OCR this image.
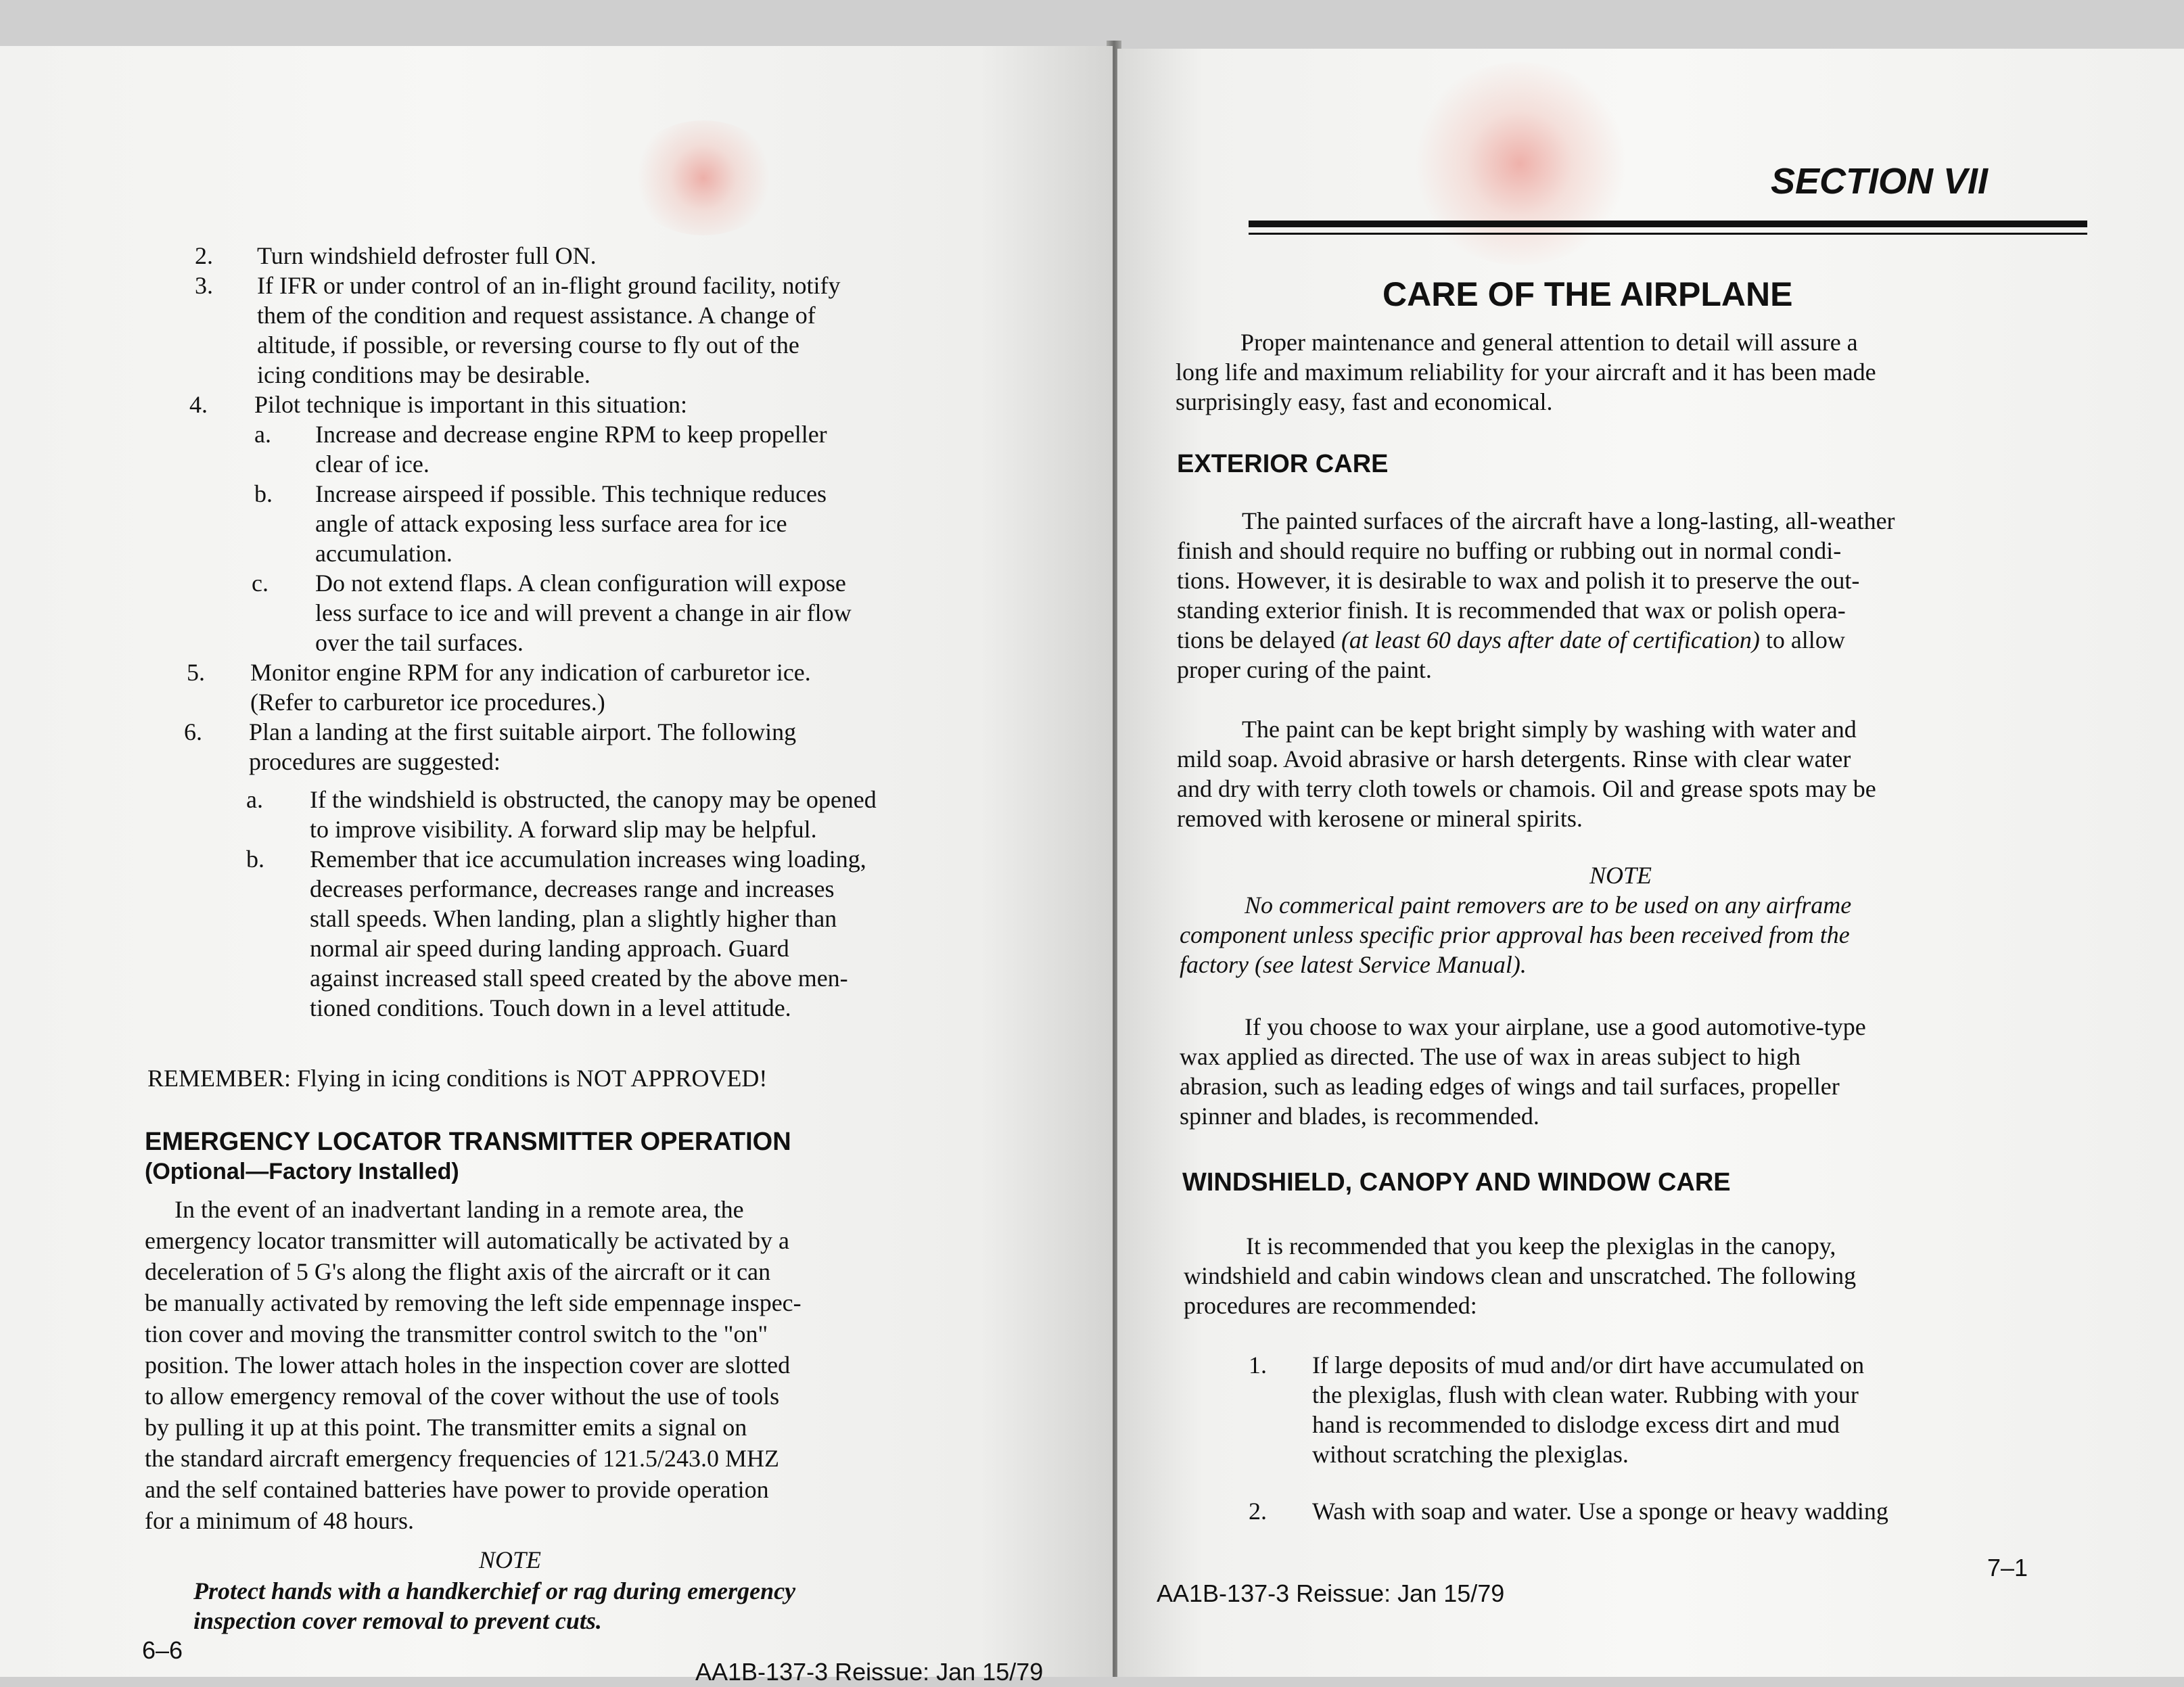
2. Turn windshield defroster full ON.
3. If IFR or under control of an in-flight ground facility, notify
them of the condition and request assistance. A change of
altitude, if possible, or reversing course to fly out of the
icing conditions may be desirable.
4. Pilot technique is important in this situation:
a. Increase and decrease engine RPM to keep propeller
clear of ice.
b. Increase airspeed if possible. This technique reduces
angle of attack exposing less surface area for ice
accumulation.
c. Do not extend flaps. A clean configuration will expose
less surface to ice and will prevent a change in air flow
over the tail surfaces.
5. Monitor engine RPM for any indication of carburetor ice.
(Refer to carburetor ice procedures.)
6. Plan a landing at the first suitable airport. The following
procedures are suggested:
a. If the windshield is obstructed, the canopy may be opened
to improve visibility. A forward slip may be helpful.
b. Remember that ice accumulation increases wing loading,
decreases performance, decreases range and increases
stall speeds. When landing, plan a slightly higher than
normal air speed during landing approach. Guard
against increased stall speed created by the above men-
tioned conditions. Touch down in a level attitude.
REMEMBER: Flying in icing conditions is NOT APPROVED!
EMERGENCY LOCATOR TRANSMITTER OPERATION
(Optional—Factory Installed)
In the event of an inadvertant landing in a remote area, the
emergency locator transmitter will automatically be activated by a
deceleration of 5 G's along the flight axis of the aircraft or it can
be manually activated by removing the left side empennage inspec-
tion cover and moving the transmitter control switch to the "on"
position. The lower attach holes in the inspection cover are slotted
to allow emergency removal of the cover without the use of tools
by pulling it up at this point. The transmitter emits a signal on
the standard aircraft emergency frequencies of 121.5/243.0 MHZ
and the self contained batteries have power to provide operation
for a minimum of 48 hours.
NOTE
Protect hands with a handkerchief or rag during emergency
inspection cover removal to prevent cuts.
6–6
AA1B-137-3 Reissue: Jan 15/79
SECTION VII
CARE OF THE AIRPLANE
Proper maintenance and general attention to detail will assure a
long life and maximum reliability for your aircraft and it has been made
surprisingly easy, fast and economical.
EXTERIOR CARE
The painted surfaces of the aircraft have a long-lasting, all-weather
finish and should require no buffing or rubbing out in normal condi-
tions. However, it is desirable to wax and polish it to preserve the out-
standing exterior finish. It is recommended that wax or polish opera-
tions be delayed (at least 60 days after date of certification) to allow
proper curing of the paint.
The paint can be kept bright simply by washing with water and
mild soap. Avoid abrasive or harsh detergents. Rinse with clear water
and dry with terry cloth towels or chamois. Oil and grease spots may be
removed with kerosene or mineral spirits.
NOTE
No commerical paint removers are to be used on any airframe
component unless specific prior approval has been received from the
factory (see latest Service Manual).
If you choose to wax your airplane, use a good automotive-type
wax applied as directed. The use of wax in areas subject to high
abrasion, such as leading edges of wings and tail surfaces, propeller
spinner and blades, is recommended.
WINDSHIELD, CANOPY AND WINDOW CARE
It is recommended that you keep the plexiglas in the canopy,
windshield and cabin windows clean and unscratched. The following
procedures are recommended:
1. If large deposits of mud and/or dirt have accumulated on
the plexiglas, flush with clean water. Rubbing with your
hand is recommended to dislodge excess dirt and mud
without scratching the plexiglas.
2. Wash with soap and water. Use a sponge or heavy wadding
AA1B-137-3 Reissue: Jan 15/79
7–1
